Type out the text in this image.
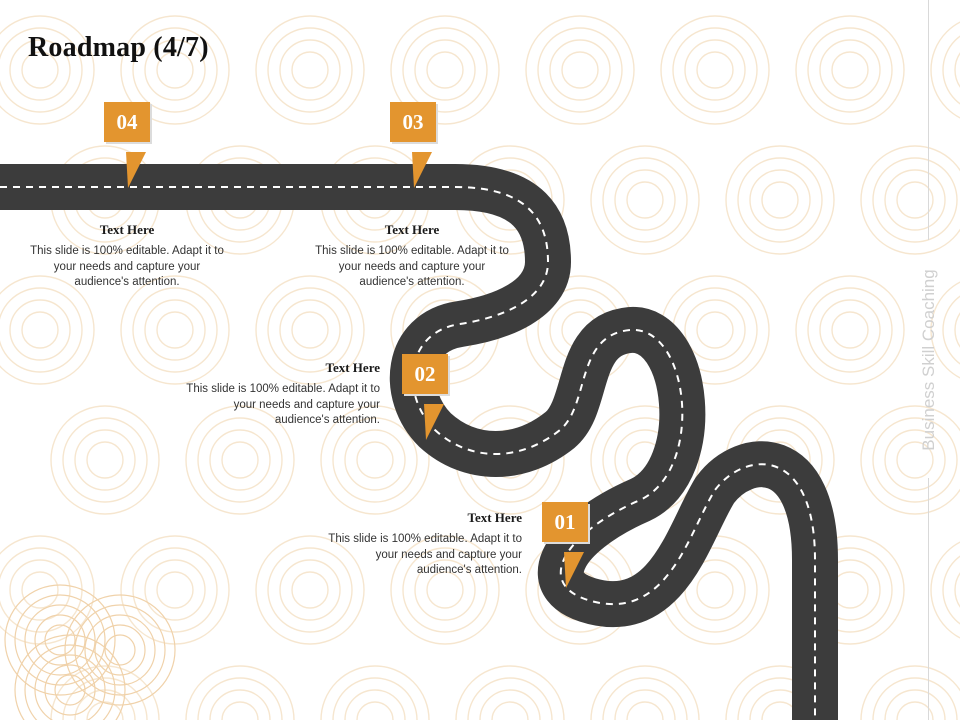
Roadmap (4/7)
Business Skill Coaching
04
Text Here
This slide is 100% editable. Adapt it to your needs and capture your audience's attention.
03
Text Here
This slide is 100% editable. Adapt it to your needs and capture your audience's attention.
02
Text Here
This slide is 100% editable. Adapt it to your needs and capture your audience's attention.
01
Text Here
This slide is 100% editable. Adapt it to your needs and capture your audience's attention.
